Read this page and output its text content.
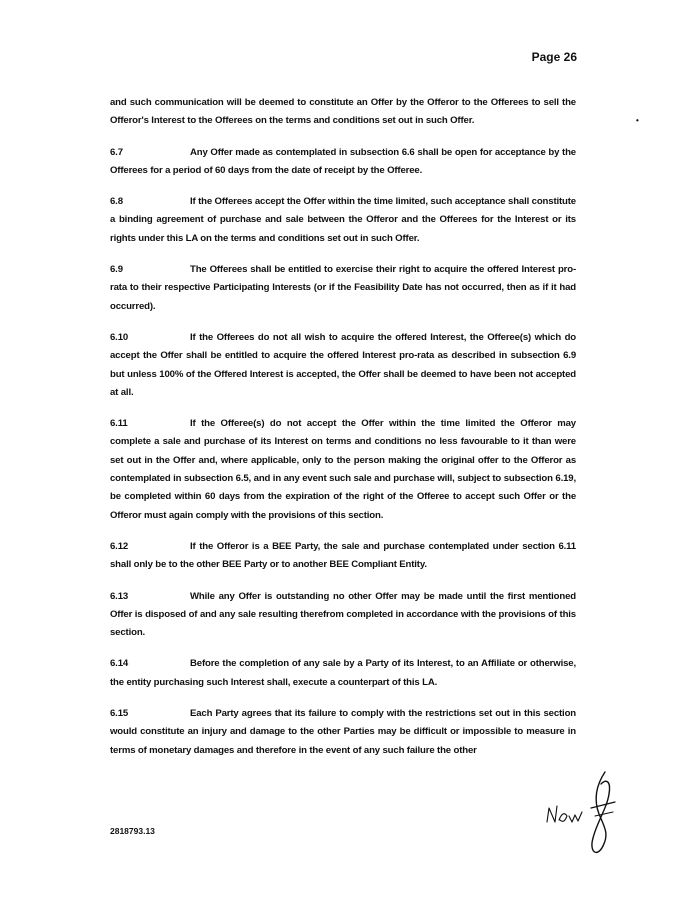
Page 26
•
and such communication will be deemed to constitute an Offer by the Offeror to the Offerees to sell the Offeror's Interest to the Offerees on the terms and conditions set out in such Offer.
6.7	Any Offer made as contemplated in subsection 6.6 shall be open for acceptance by the Offerees for a period of 60 days from the date of receipt by the Offeree.
6.8	If the Offerees accept the Offer within the time limited, such acceptance shall constitute a binding agreement of purchase and sale between the Offeror and the Offerees for the Interest or its rights under this LA on the terms and conditions set out in such Offer.
6.9	The Offerees shall be entitled to exercise their right to acquire the offered Interest pro-rata to their respective Participating Interests (or if the Feasibility Date has not occurred, then as if it had occurred).
6.10	If the Offerees do not all wish to acquire the offered Interest, the Offeree(s) which do accept the Offer shall be entitled to acquire the offered Interest pro-rata as described in subsection 6.9 but unless 100% of the Offered Interest is accepted, the Offer shall be deemed to have been not accepted at all.
6.11	If the Offeree(s) do not accept the Offer within the time limited the Offeror may complete a sale and purchase of its Interest on terms and conditions no less favourable to it than were set out in the Offer and, where applicable, only to the person making the original offer to the Offeror as contemplated in subsection 6.5, and in any event such sale and purchase will, subject to subsection 6.19, be completed within 60 days from the expiration of the right of the Offeree to accept such Offer or the Offeror must again comply with the provisions of this section.
6.12	If the Offeror is a BEE Party, the sale and purchase contemplated under section 6.11 shall only be to the other BEE Party or to another BEE Compliant Entity.
6.13	While any Offer is outstanding no other Offer may be made until the first mentioned Offer is disposed of and any sale resulting therefrom completed in accordance with the provisions of this section.
6.14	Before the completion of any sale by a Party of its Interest, to an Affiliate or otherwise, the entity purchasing such Interest shall, execute a counterpart of this LA.
6.15	Each Party agrees that its failure to comply with the restrictions set out in this section would constitute an injury and damage to the other Parties may be difficult or impossible to measure in terms of monetary damages and therefore in the event of any such failure the other
2818793.13
